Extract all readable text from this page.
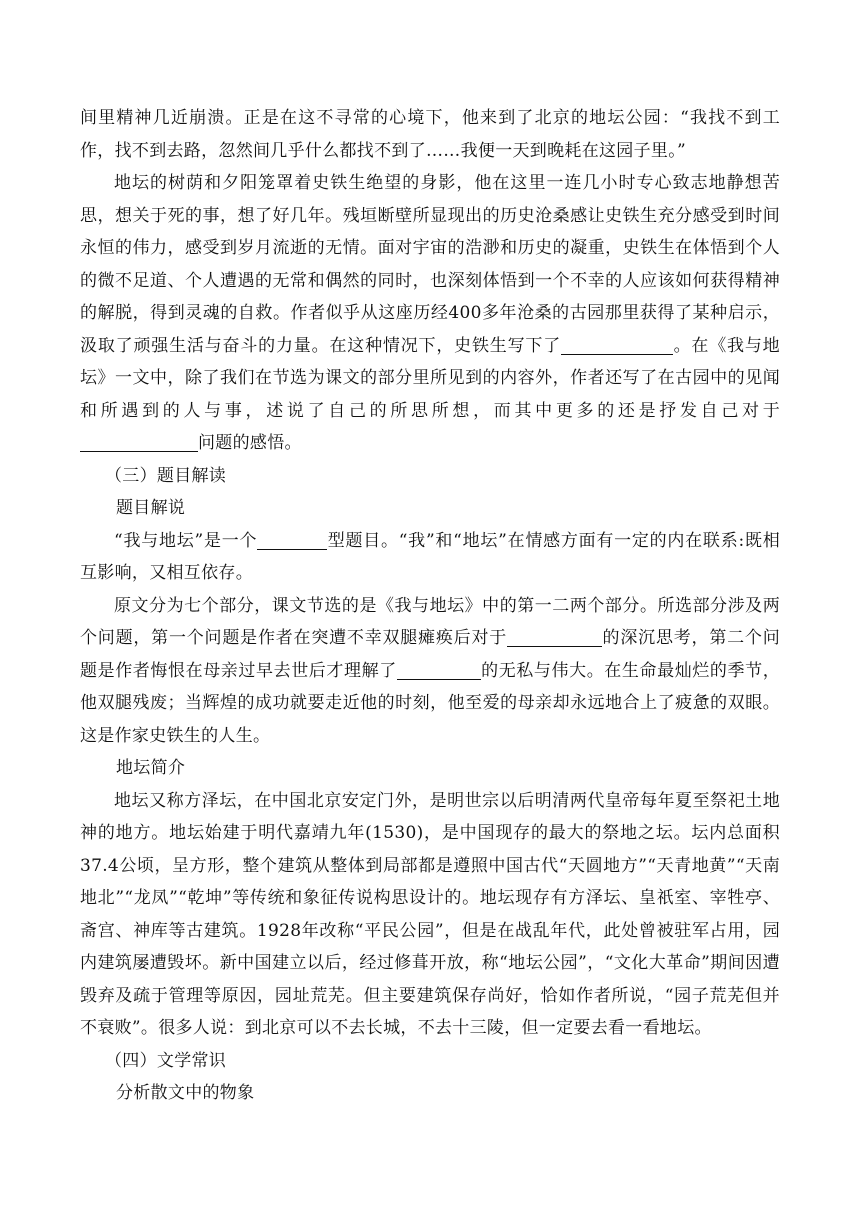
间里精神几近崩溃。正是在这不寻常的心境下，他来到了北京的地坛公园：“我找不到工作，找不到去路，忽然间几乎什么都找不到了……我便一天到晚耗在这园子里。”

地坛的树荫和夕阳笼罩着史铁生绝望的身影，他在这里一连几小时专心致志地静想苦思，想关于死的事，想了好几年。残垣断壁所显现出的历史沧桑感让史铁生充分感受到时间永恒的伟力，感受到岁月流逝的无情。面对宇宙的浩渺和历史的凝重，史铁生在体悟到个人的微不足道、个人遭遇的无常和偶然的同时，也深刻体悟到一个不幸的人应该如何获得精神的解脱，得到灵魂的自救。作者似乎从这座历经400多年沧桑的古园那里获得了某种启示，汲取了顽强生活与奋斗的力量。在这种情况下，史铁生写下了	。在《我与地坛》一文中，除了我们在节选为课文的部分里所见到的内容外，作者还写了在古园中的见闻和所遇到的人与事，述说了自己的所思所想，而其中更多的还是抒发自己对于问题的感悟。

（三）题目解读

题目解说

“我与地坛”是一个	型题目。“我”和“地坛”在情感方面有一定的内在联系:既相互影响，又相互依存。

原文分为七个部分，课文节选的是《我与地坛》中的第一二两个部分。所选部分涉及两个问题，第一个问题是作者在突遭不幸双腿瘫痪后对于	的深沉思考，第二个问题是作者悔恨在母亲过早去世后才理解了	的无私与伟大。在生命最灿烂的季节，他双腿残废；当辉煌的成功就要走近他的时刻，他至爱的母亲却永远地合上了疲惫的双眼。这是作家史铁生的人生。

地坛简介

地坛又称方泽坛，在中国北京安定门外，是明世宗以后明清两代皇帝每年夏至祭祀土地神的地方。地坛始建于明代嘉靖九年(1530)，是中国现存的最大的祭地之坛。坛内总面积37.4公顷，呈方形，整个建筑从整体到局部都是遵照中国古代“天圆地方”“天青地黄”“天南地北”“龙凤”“乾坤”等传统和象征传说构思设计的。地坛现存有方泽坛、皇祇室、宰牲亭、斋宫、神库等古建筑。1928年改称“平民公园”，但是在战乱年代，此处曾被驻军占用，园内建筑屡遭毁坏。新中国建立以后，经过修葺开放，称“地坛公园”，“文化大革命”期间因遭毁弃及疏于管理等原因，园址荒芜。但主要建筑保存尚好，恰如作者所说，“园子荒芜但并不衰败”。很多人说：到北京可以不去长城，不去十三陵，但一定要去看一看地坛。

（四）文学常识

分析散文中的物象
